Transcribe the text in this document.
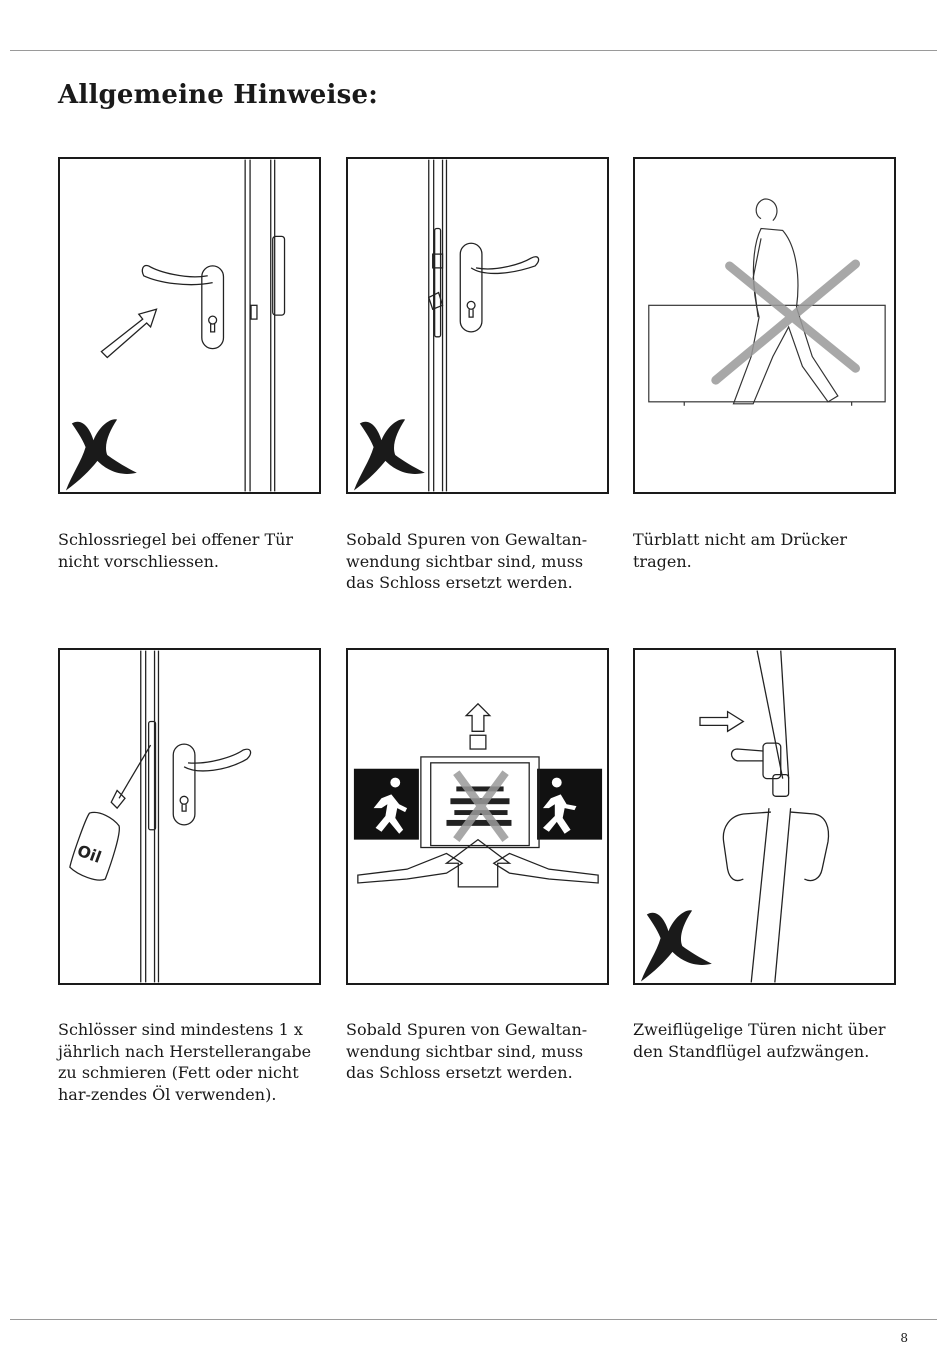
Allgemeine Hinweise:
Oil

Schlossriegel bei offener Tür nicht vorschliessen.

Sobald Spuren von Gewaltan-wendung sichtbar sind, muss das Schloss ersetzt werden.

Türblatt nicht am Drücker tragen.

Schlösser sind mindestens 1 x jährlich nach Herstellerangabe zu schmieren (Fett oder nicht har-zendes Öl verwenden).

Sobald Spuren von Gewaltan-wendung sichtbar sind, muss das Schloss ersetzt werden.

Zweiflügelige Türen nicht über den Standflügel aufzwängen.

8
